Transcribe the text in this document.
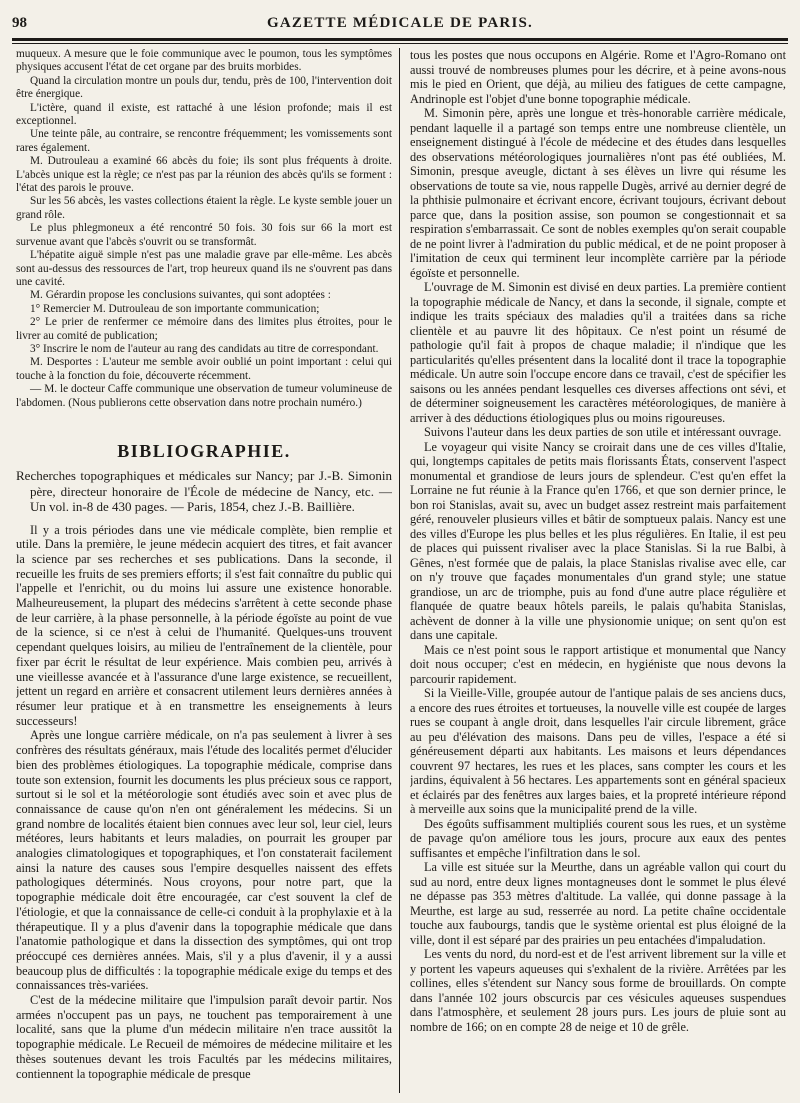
98	GAZETTE MÉDICALE DE PARIS.

muqueux. A mesure que le foie communique avec le poumon, tous les symptômes physiques accusent l'état de cet organe par des bruits morbides.

Quand la circulation montre un pouls dur, tendu, près de 100, l'intervention doit être énergique.

L'ictère, quand il existe, est rattaché à une lésion profonde; mais il est exceptionnel.

Une teinte pâle, au contraire, se rencontre fréquemment; les vomissements sont rares également.

M. Dutrouleau a examiné 66 abcès du foie; ils sont plus fréquents à droite. L'abcès unique est la règle; ce n'est pas par la réunion des abcès qu'ils se forment : l'état des parois le prouve.

Sur les 56 abcès, les vastes collections étaient la règle. Le kyste semble jouer un grand rôle.

Le plus phlegmoneux a été rencontré 50 fois. 30 fois sur 66 la mort est survenue avant que l'abcès s'ouvrit ou se transformât.

L'hépatite aiguë simple n'est pas une maladie grave par elle-même. Les abcès sont au-dessus des ressources de l'art, trop heureux quand ils ne s'ouvrent pas dans une cavité.

M. Gérardin propose les conclusions suivantes, qui sont adoptées :

1° Remercier M. Dutrouleau de son importante communication;

2° Le prier de renfermer ce mémoire dans des limites plus étroites, pour le livrer au comité de publication;

3° Inscrire le nom de l'auteur au rang des candidats au titre de correspondant.

M. Desportes : L'auteur me semble avoir oublié un point important : celui qui touche à la fonction du foie, découverte récemment.

— M. le docteur Caffe communique une observation de tumeur volumineuse de l'abdomen. (Nous publierons cette observation dans notre prochain numéro.)

BIBLIOGRAPHIE.

Recherches topographiques et médicales sur Nancy; par J.-B. Simonin père, directeur honoraire de l'École de médecine de Nancy, etc. — Un vol. in-8 de 430 pages. — Paris, 1854, chez J.-B. Baillière.

Il y a trois périodes dans une vie médicale complète, bien remplie et utile. Dans la première, le jeune médecin acquiert des titres, et fait avancer la science par ses recherches et ses publications. Dans la seconde, il recueille les fruits de ses premiers efforts; il s'est fait connaître du public qui l'appelle et l'enrichit, ou du moins lui assure une existence honorable. Malheureusement, la plupart des médecins s'arrêtent à cette seconde phase de leur carrière, à la phase personnelle, à la période égoïste au point de vue de la science, si ce n'est à celui de l'humanité. Quelques-uns trouvent cependant quelques loisirs, au milieu de l'entraînement de la clientèle, pour fixer par écrit le résultat de leur expérience. Mais combien peu, arrivés à une vieillesse avancée et à l'assurance d'une large existence, se recueillent, jettent un regard en arrière et consacrent utilement leurs dernières années à résumer leur pratique et à en transmettre les enseignements à leurs successeurs!

Après une longue carrière médicale, on n'a pas seulement à livrer à ses confrères des résultats généraux, mais l'étude des localités permet d'élucider bien des problèmes étiologiques. La topographie médicale, comprise dans toute son extension, fournit les documents les plus précieux sous ce rapport, surtout si le sol et la météorologie sont étudiés avec soin et avec plus de connaissance de cause qu'on n'en ont généralement les médecins. Si un grand nombre de localités étaient bien connues avec leur sol, leur ciel, leurs météores, leurs habitants et leurs maladies, on pourrait les grouper par analogies climatologiques et topographiques, et l'on constaterait facilement ainsi la nature des causes sous l'empire desquelles naissent des effets pathologiques déterminés. Nous croyons, pour notre part, que la topographie médicale doit être encouragée, car c'est souvent la clef de l'étiologie, et que la connaissance de celle-ci conduit à la prophylaxie et à la thérapeutique. Il y a plus d'avenir dans la topographie médicale que dans l'anatomie pathologique et dans la dissection des symptômes, qui ont trop préoccupé ces dernières années. Mais, s'il y a plus d'avenir, il y a aussi beaucoup plus de difficultés : la topographie médicale exige du temps et des connaissances très-variées.

C'est de la médecine militaire que l'impulsion paraît devoir partir. Nos armées n'occupent pas un pays, ne touchent pas temporairement à une localité, sans que la plume d'un médecin militaire n'en trace aussitôt la topographie médicale. Le Recueil de mémoires de médecine militaire et les thèses soutenues devant les trois Facultés par les médecins militaires, contiennent la topographie médicale de presque

tous les postes que nous occupons en Algérie. Rome et l'Agro-Romano ont aussi trouvé de nombreuses plumes pour les décrire, et à peine avons-nous mis le pied en Orient, que déjà, au milieu des fatigues de cette campagne, Andrinople est l'objet d'une bonne topographie médicale.

M. Simonin père, après une longue et très-honorable carrière médicale, pendant laquelle il a partagé son temps entre une nombreuse clientèle, un enseignement distingué à l'école de médecine et des études dans lesquelles des observations météorologiques journalières n'ont pas été oubliées, M. Simonin, presque aveugle, dictant à ses élèves un livre qui résume les observations de toute sa vie, nous rappelle Dugès, arrivé au dernier degré de la phthisie pulmonaire et écrivant encore, écrivant toujours, écrivant debout parce que, dans la position assise, son poumon se congestionnait et sa respiration s'embarrassait. Ce sont de nobles exemples qu'on serait coupable de ne point livrer à l'admiration du public médical, et de ne point proposer à l'imitation de ceux qui terminent leur incomplète carrière par la période égoïste et personnelle.

L'ouvrage de M. Simonin est divisé en deux parties. La première contient la topographie médicale de Nancy, et dans la seconde, il signale, compte et indique les traits spéciaux des maladies qu'il a traitées dans sa riche clientèle et au pauvre lit des hôpitaux. Ce n'est point un résumé de pathologie qu'il fait à propos de chaque maladie; il n'indique que les particularités qu'elles présentent dans la localité dont il trace la topographie médicale. Un autre soin l'occupe encore dans ce travail, c'est de spécifier les saisons ou les années pendant lesquelles ces diverses affections ont sévi, et de déterminer soigneusement les caractères météorologiques, de manière à arriver à des déductions étiologiques plus ou moins rigoureuses.

Suivons l'auteur dans les deux parties de son utile et intéressant ouvrage.

Le voyageur qui visite Nancy se croirait dans une de ces villes d'Italie, qui, longtemps capitales de petits mais florissants États, conservent l'aspect monumental et grandiose de leurs jours de splendeur. C'est qu'en effet la Lorraine ne fut réunie à la France qu'en 1766, et que son dernier prince, le bon roi Stanislas, avait su, avec un budget assez restreint mais parfaitement géré, renouveler plusieurs villes et bâtir de somptueux palais. Nancy est une des villes d'Europe les plus belles et les plus régulières. En Italie, il est peu de places qui puissent rivaliser avec la place Stanislas. Si la rue Balbi, à Gênes, n'est formée que de palais, la place Stanislas rivalise avec elle, car on n'y trouve que façades monumentales d'un grand style; une statue grandiose, un arc de triomphe, puis au fond d'une autre place régulière et flanquée de quatre beaux hôtels pareils, le palais qu'habita Stanislas, achèvent de donner à la ville une physionomie unique; on sent qu'on est dans une capitale.

Mais ce n'est point sous le rapport artistique et monumental que Nancy doit nous occuper; c'est en médecin, en hygiéniste que nous devons la parcourir rapidement.

Si la Vieille-Ville, groupée autour de l'antique palais de ses anciens ducs, a encore des rues étroites et tortueuses, la nouvelle ville est coupée de larges rues se coupant à angle droit, dans lesquelles l'air circule librement, grâce au peu d'élévation des maisons. Dans peu de villes, l'espace a été si généreusement départi aux habitants. Les maisons et leurs dépendances couvrent 97 hectares, les rues et les places, sans compter les cours et les jardins, équivalent à 56 hectares. Les appartements sont en général spacieux et éclairés par des fenêtres aux larges baies, et la propreté intérieure répond à merveille aux soins que la municipalité prend de la ville.

Des égoûts suffisamment multipliés courent sous les rues, et un système de pavage qu'on améliore tous les jours, procure aux eaux des pentes suffisantes et empêche l'infiltration dans le sol.

La ville est située sur la Meurthe, dans un agréable vallon qui court du sud au nord, entre deux lignes montagneuses dont le sommet le plus élevé ne dépasse pas 353 mètres d'altitude. La vallée, qui donne passage à la Meurthe, est large au sud, resserrée au nord. La petite chaîne occidentale touche aux faubourgs, tandis que le système oriental est plus éloigné de la ville, dont il est séparé par des prairies un peu entachées d'impaludation.

Les vents du nord, du nord-est et de l'est arrivent librement sur la ville et y portent les vapeurs aqueuses qui s'exhalent de la rivière. Arrêtées par les collines, elles s'étendent sur Nancy sous forme de brouillards. On compte dans l'année 102 jours obscurcis par ces vésicules aqueuses suspendues dans l'atmosphère, et seulement 28 jours purs. Les jours de pluie sont au nombre de 166; on en compte 28 de neige et 10 de grêle.
